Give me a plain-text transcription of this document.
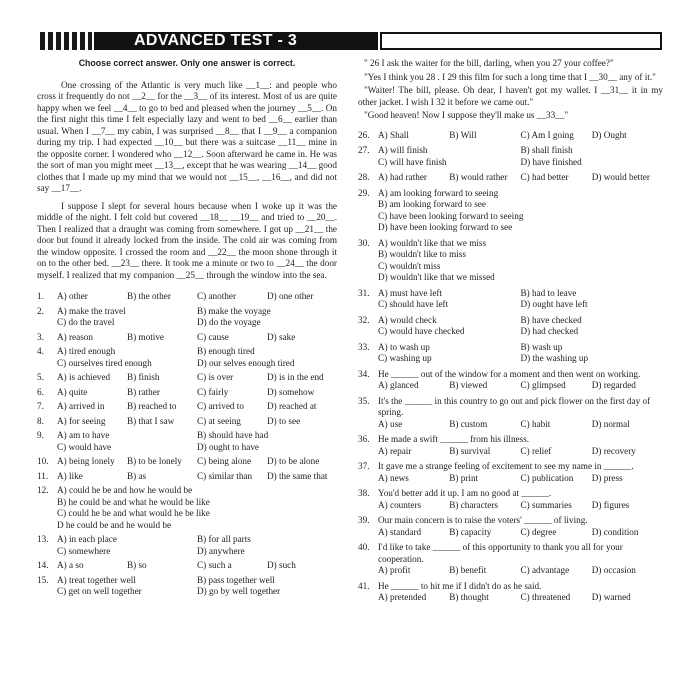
ADVANCED TEST - 3
Choose correct answer. Only one answer is correct.

One crossing of the Atlantic is very much like __1__: and people who cross it frequently do not __2__ for the __3__ of its interest. Most of us are quite happy when we feel __4__ to go to bed and pleased when the journey __5__. On the first night this time I felt especially lazy and went to bed __6__ earlier than usual. When I __7__ my cabin, I was surprised __8__ that I __9__ a companion during my trip. I had expected __10__ but there was a suitcase __11__ mine in the opposite corner. I wondered who __12__. Soon afterward he came in. He was the sort of man you might meet __13__, except that he was wearing __14__ good clothes that I made up my mind that we would not __15__, __16__, and did not say __17__.

I suppose I slept for several hours because when I woke up it was the middle of the night. I felt cold but covered __18__ __19__ and tried to __20__. Then I realized that a draught was coming from somewhere. I got up __21__ the door but found it already locked from the inside. The cold air was coming from the window opposite. I crossed the room and __22__ the moon shone through it on to the other bed. __23__ there. It took me a minute or two to __24__ the door myself. I realized that my companion __25__ through the window into the sea.

1.	A) other	B) the other	C) another	D) one other
2.	A) make the travel	B) make the voyage
C) do the travel	D) do the voyage
3.	A) reason	B) motive	C) cause	D) sake
4.	A) tired enough	B) enough tired
C) ourselves tired enough	D) our selves enough tired
5.	A) is achieved	B) finish	C) is over	D) is in the end
6.	A) quite	B) rather	C) fairly	D) somehow
7.	A) arrived in	B) reached to	C) arrived to	D) reached at
8.	A) for seeing	B) that I saw	C) at seeing	D) to see
9.	A) am to have	B) should have had
C) would have	D) ought to have
10. A) being lonely	B) to be lonely	C) being alone	D) to be alone
11. A) like	B) as	C) similar than	D) the same that
12. A) could he be and how he would be
B) he could be and what he would be like
C) could he be and what would he be like
D he could be and he would be
13. A) in each place	B) for all parts
C) somewhere	D) anywhere
14. A) a so	B) so	C) such a	D) such
15. A) treat together well	B) pass together well
C) get on well together	D) go by well together

" 26 I ask the waiter for the bill, darling, when you 27 your coffee?"

"Yes I think you 28 . I 29 this film for such a long time that I __30__ any of it."

"Waiter! The bill, please. Oh dear, I haven't got my wallet. I __31__ it in my other jacket. I wish I 32 it before we came out."

"Good heaven! Now I suppose they'll make us __33__"

26. A) Shall	B) Will	C) Am I going	D) Ought
27. A) will finish	B) shall finish
C) will have finish	D) have finished
28. A) had rather	B) would rather	C) had better	D) would better
29. A) am looking forward to seeing
B) am looking forward to see
C) have been looking forward to seeing
D) have been looking forward to see
30. A) wouldn't like that we miss
B) wouldn't like to miss
C) wouldn't miss
D) wouldn't like that we missed
31. A) must have left	B) had to leave
C) should have left	D) ought have left
32. A) would check	B) have checked
C) would have checked	D) had checked
33. A) to wash up	B) wash up
C) washing up	D) the washing up
34. He ______ out of the window for a moment and then went on working.
A) glanced	B) viewed	C) glimpsed	D) regarded
35. It's the ______ in this country to go out and pick flower on the first day of spring.
A) use	B) custom	C) habit	D) normal
36. He made a swift ______ from his illness.
A) repair	B) survival	C) relief	D) recovery
37. It gave me a strange feeling of excitement to see my name in ______.
A) news	B) print	C) publication	D) press
38. You'd better add it up. I am no good at ______.
A) counters	B) characters	C) summaries	D) figures
39. Our main concern is to raise the voters' ______ of living.
A) standard	B) capacity	C) degree	D) condition
40. I'd like to take ______ of this opportunity to thank you all for your cooperation.
A) profit	B) benefit	C) advantage	D) occasion
41. He ______ to hit me if I didn't do as he said.
A) pretended	B) thought	C) threatened	D) warned
